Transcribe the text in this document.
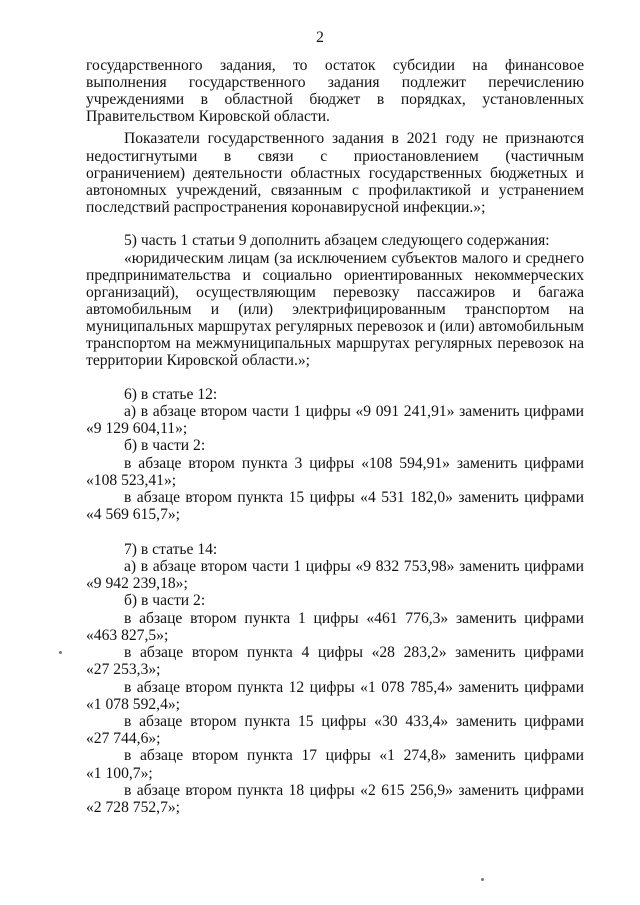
2

государственного задания, то остаток субсидии на финансовое

выполнения государственного задания подлежит перечислению

учреждениями в областной бюджет в порядках, установленных

Правительством Кировской области.

Показатели государственного задания в 2021 году не признаются

недостигнутыми в связи с приостановлением (частичным

ограничением) деятельности областных государственных бюджетных и

автономных учреждений, связанным с профилактикой и устранением

последствий распространения коронавирусной инфекции.»;

5) часть 1 статьи 9 дополнить абзацем следующего содержания:

«юридическим лицам (за исключением субъектов малого и среднего

предпринимательства и социально ориентированных некоммерческих

организаций), осуществляющим перевозку пассажиров и багажа

автомобильным и (или) электрифицированным транспортом на

муниципальных маршрутах регулярных перевозок и (или) автомобильным

транспортом на межмуниципальных маршрутах регулярных перевозок на

территории Кировской области.»;

6) в статье 12:

а) в абзаце втором части 1 цифры «9 091 241,91» заменить цифрами

«9 129 604,11»;

б) в части 2:

в абзаце втором пункта 3 цифры «108 594,91» заменить цифрами

«108 523,41»;

в абзаце втором пункта 15 цифры «4 531 182,0» заменить цифрами

«4 569 615,7»;

7) в статье 14:

а) в абзаце втором части 1 цифры «9 832 753,98» заменить цифрами

«9 942 239,18»;

б) в части 2:

в абзаце втором пункта 1 цифры «461 776,3» заменить цифрами

«463 827,5»;

в абзаце втором пункта 4 цифры «28 283,2» заменить цифрами

«27 253,3»;

в абзаце втором пункта 12 цифры «1 078 785,4» заменить цифрами

«1 078 592,4»;

в абзаце втором пункта 15 цифры «30 433,4» заменить цифрами

«27 744,6»;

в абзаце втором пункта 17 цифры «1 274,8» заменить цифрами

«1 100,7»;

в абзаце втором пункта 18 цифры «2 615 256,9» заменить цифрами

«2 728 752,7»;
